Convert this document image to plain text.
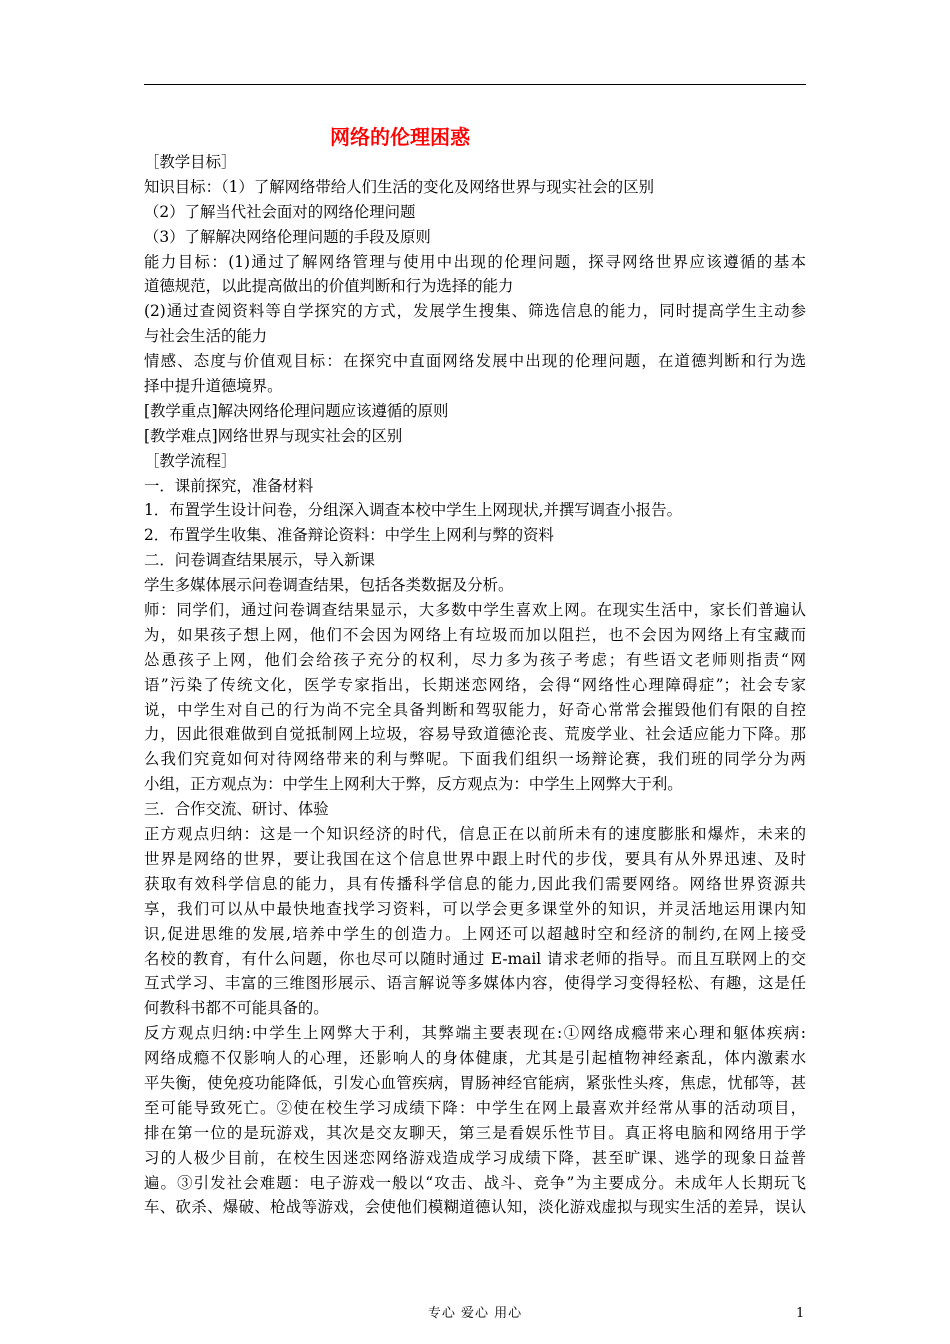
网络的伦理困惑
［教学目标］
知识目标：（1）了解网络带给人们生活的变化及网络世界与现实社会的区别
（2）了解当代社会面对的网络伦理问题
（3）了解解决网络伦理问题的手段及原则
能力目标：(1)通过了解网络管理与使用中出现的伦理问题，探寻网络世界应该遵循的基本
道德规范，以此提高做出的价值判断和行为选择的能力
(2)通过查阅资料等自学探究的方式，发展学生搜集、筛选信息的能力，同时提高学生主动参
与社会生活的能力
情感、态度与价值观目标：在探究中直面网络发展中出现的伦理问题，在道德判断和行为选
择中提升道德境界。
[教学重点]解决网络伦理问题应该遵循的原则
[教学难点]网络世界与现实社会的区别
［教学流程］
一．课前探究，准备材料
1．布置学生设计问卷，分组深入调查本校中学生上网现状,并撰写调查小报告。
2．布置学生收集、准备辩论资料：中学生上网利与弊的资料
二．问卷调查结果展示，导入新课
学生多媒体展示问卷调查结果，包括各类数据及分析。
师：同学们，通过问卷调查结果显示，大多数中学生喜欢上网。在现实生活中，家长们普遍认
为，如果孩子想上网，他们不会因为网络上有垃圾而加以阻拦，也不会因为网络上有宝藏而
怂恿孩子上网，他们会给孩子充分的权利，尽力多为孩子考虑；有些语文老师则指责“网
语”污染了传统文化，医学专家指出，长期迷恋网络，会得“网络性心理障碍症”；社会专家
说，中学生对自己的行为尚不完全具备判断和驾驭能力，好奇心常常会摧毁他们有限的自控
力，因此很难做到自觉抵制网上垃圾，容易导致道德沦丧、荒废学业、社会适应能力下降。那
么我们究竟如何对待网络带来的利与弊呢。下面我们组织一场辩论赛，我们班的同学分为两
小组，正方观点为：中学生上网利大于弊，反方观点为：中学生上网弊大于利。
三．合作交流、研讨、体验
正方观点归纳：这是一个知识经济的时代，信息正在以前所未有的速度膨胀和爆炸，未来的
世界是网络的世界，要让我国在这个信息世界中跟上时代的步伐，要具有从外界迅速、及时
获取有效科学信息的能力，具有传播科学信息的能力,因此我们需要网络。网络世界资源共
享，我们可以从中最快地查找学习资料，可以学会更多课堂外的知识，并灵活地运用课内知
识,促进思维的发展,培养中学生的创造力。上网还可以超越时空和经济的制约,在网上接受
名校的教育，有什么问题，你也尽可以随时通过 E-mail 请求老师的指导。而且互联网上的交
互式学习、丰富的三维图形展示、语言解说等多媒体内容，使得学习变得轻松、有趣，这是任
何教科书都不可能具备的。
反方观点归纳:中学生上网弊大于利，其弊端主要表现在:①网络成瘾带来心理和躯体疾病:
网络成瘾不仅影响人的心理，还影响人的身体健康，尤其是引起植物神经紊乱，体内激素水
平失衡，使免疫功能降低，引发心血管疾病，胃肠神经官能病，紧张性头疼，焦虑，忧郁等，甚
至可能导致死亡。②使在校生学习成绩下降：中学生在网上最喜欢并经常从事的活动项目，
排在第一位的是玩游戏，其次是交友聊天，第三是看娱乐性节目。真正将电脑和网络用于学
习的人极少目前，在校生因迷恋网络游戏造成学习成绩下降，甚至旷课、逃学的现象日益普
遍。③引发社会难题：电子游戏一般以“攻击、战斗、竞争”为主要成分。未成年人长期玩飞
车、砍杀、爆破、枪战等游戏，会使他们模糊道德认知，淡化游戏虚拟与现实生活的差异，误认
专心 爱心 用心	1
